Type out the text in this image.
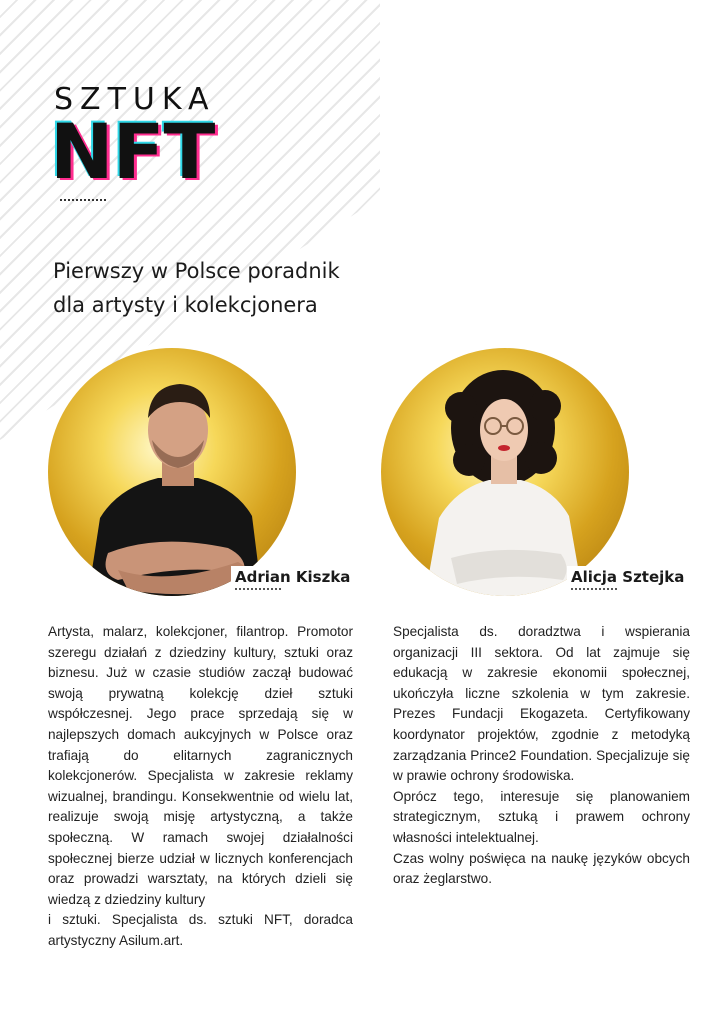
SZTUKA
NFT
Pierwszy w Polsce poradnik
dla artysty i kolekcjonera
Adrian Kiszka	Alicja Sztejka

Artysta, malarz, kolekcjoner, filantrop. Promotor szeregu działań z dziedziny kultury, sztuki oraz biznesu. Już w czasie studiów zaczął budować swoją prywatną kolekcję dzieł sztuki współczesnej. Jego prace sprzedają się w najlepszych domach aukcyjnych w Polsce oraz trafiają do elitarnych zagranicznych kolekcjonerów. Specjalista w zakresie reklamy wizualnej, brandingu. Konsekwentnie od wielu lat, realizuje swoją misję artystyczną, a także społeczną. W ramach swojej działalności społecznej bierze udział w licznych konferencjach oraz prowadzi warsztaty, na których dzieli się wiedzą z dziedziny kultury

i sztuki. Specjalista ds. sztuki NFT, doradca artystyczny Asilum.art.

Specjalista ds. doradztwa i wspierania organizacji III sektora. Od lat zajmuje się edukacją w zakresie ekonomii społecznej, ukończyła liczne szkolenia w tym zakresie. Prezes Fundacji Ekogazeta. Certyfikowany koordynator projektów, zgodnie z metodyką zarządzania Prince2 Foundation. Specjalizuje się w prawie ochrony środowiska.

Oprócz tego, interesuje się planowaniem strategicznym, sztuką i prawem ochrony własności intelektualnej.

Czas wolny poświęca na naukę języków obcych oraz żeglarstwo.
